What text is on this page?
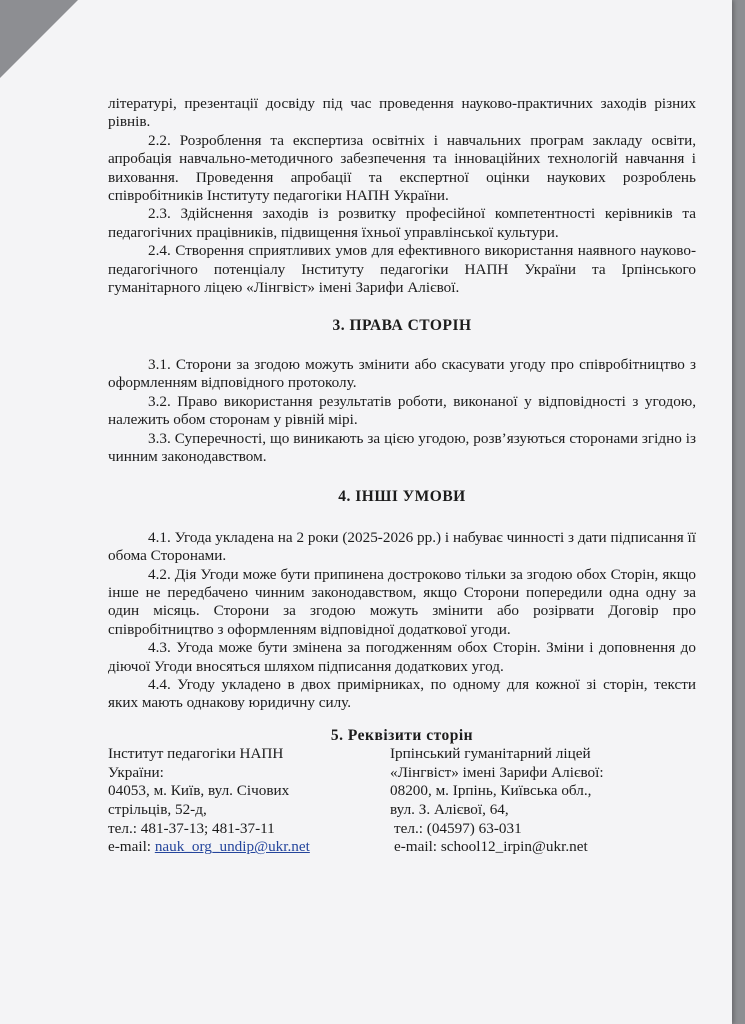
літературі, презентації досвіду під час проведення науково-практичних заходів різних рівнів.

2.2. Розроблення та експертиза освітніх і навчальних програм закладу освіти, апробація навчально-методичного забезпечення та інноваційних технологій навчання і виховання. Проведення апробації та експертної оцінки наукових розроблень співробітників Інституту педагогіки НАПН України.

2.3. Здійснення заходів із розвитку професійної компетентності керівників та педагогічних працівників, підвищення їхньої управлінської культури.

2.4. Створення сприятливих умов для ефективного використання наявного науково-педагогічного потенціалу Інституту педагогіки НАПН України та Ірпінського гуманітарного ліцею «Лінгвіст» імені Зарифи Алієвої.

3. ПРАВА СТОРІН

3.1. Сторони за згодою можуть змінити або скасувати угоду про співробітництво з оформленням відповідного протоколу.

3.2. Право використання результатів роботи, виконаної у відповідності з угодою, належить обом сторонам у рівній мірі.

3.3. Суперечності, що виникають за цією угодою, розв’язуються сторонами згідно із чинним законодавством.

4. ІНШІ УМОВИ

4.1. Угода укладена на 2 роки (2025-2026 рр.) і набуває чинності з дати підписання її обома Сторонами.

4.2. Дія Угоди може бути припинена достроково тільки за згодою обох Сторін, якщо інше не передбачено чинним законодавством, якщо Сторони попередили одна одну за один місяць. Сторони за згодою можуть змінити або розірвати Договір про співробітництво з оформленням відповідної додаткової угоди.

4.3. Угода може бути змінена за погодженням обох Сторін. Зміни і доповнення до діючої Угоди вносяться шляхом підписання додаткових угод.

4.4. Угоду укладено в двох примірниках, по одному для кожної зі сторін, тексти яких мають однакову юридичну силу.

5. Реквізити сторін
Інститут педагогіки НАПН
України:
04053, м. Київ, вул. Січових
стрільців, 52-д,
тел.: 481-37-13; 481-37-11
e-mail: nauk_org_undip@ukr.net
Ірпінський гуманітарний ліцей
«Лінгвіст» імені Зарифи Алієвої:
08200, м. Ірпінь, Київська обл.,
вул. З. Алієвої, 64,
тел.: (04597) 63-031
e-mail: school12_irpin@ukr.net
